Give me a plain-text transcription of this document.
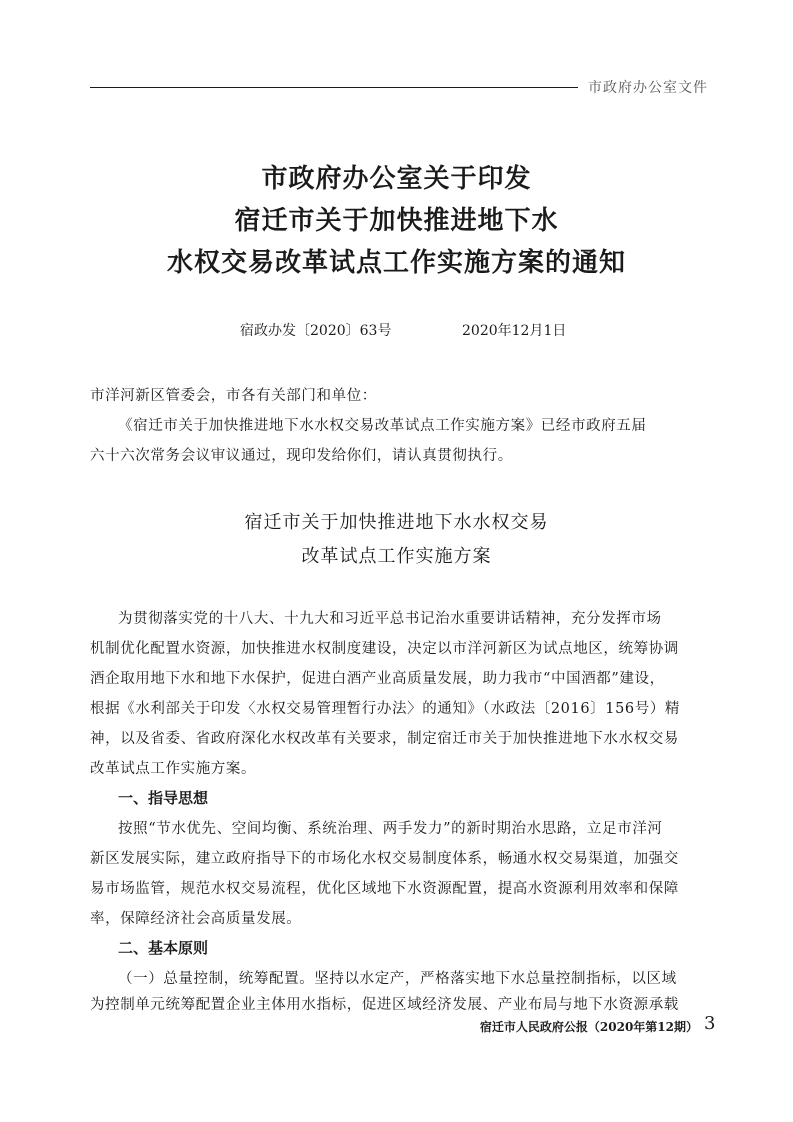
市政府办公室文件
市政府办公室关于印发
宿迁市关于加快推进地下水
水权交易改革试点工作实施方案的通知
宿政办发〔2020〕63号	2020年12月1日
市洋河新区管委会，市各有关部门和单位：
《宿迁市关于加快推进地下水水权交易改革试点工作实施方案》已经市政府五届
六十六次常务会议审议通过，现印发给你们，请认真贯彻执行。
宿迁市关于加快推进地下水水权交易
改革试点工作实施方案
为贯彻落实党的十八大、十九大和习近平总书记治水重要讲话精神，充分发挥市场
机制优化配置水资源，加快推进水权制度建设，决定以市洋河新区为试点地区，统筹协调
酒企取用地下水和地下水保护，促进白酒产业高质量发展，助力我市“中国酒都”建设，
根据《水利部关于印发〈水权交易管理暂行办法〉的通知》（水政法〔2016〕156号）精
神，以及省委、省政府深化水权改革有关要求，制定宿迁市关于加快推进地下水水权交易
改革试点工作实施方案。
一、指导思想
按照“节水优先、空间均衡、系统治理、两手发力”的新时期治水思路，立足市洋河
新区发展实际，建立政府指导下的市场化水权交易制度体系，畅通水权交易渠道，加强交
易市场监管，规范水权交易流程，优化区域地下水资源配置，提高水资源利用效率和保障
率，保障经济社会高质量发展。
二、基本原则
（一）总量控制，统筹配置。坚持以水定产，严格落实地下水总量控制指标，以区域
为控制单元统筹配置企业主体用水指标，促进区域经济发展、产业布局与地下水资源承载
宿迁市人民政府公报（2020年第12期） 3
